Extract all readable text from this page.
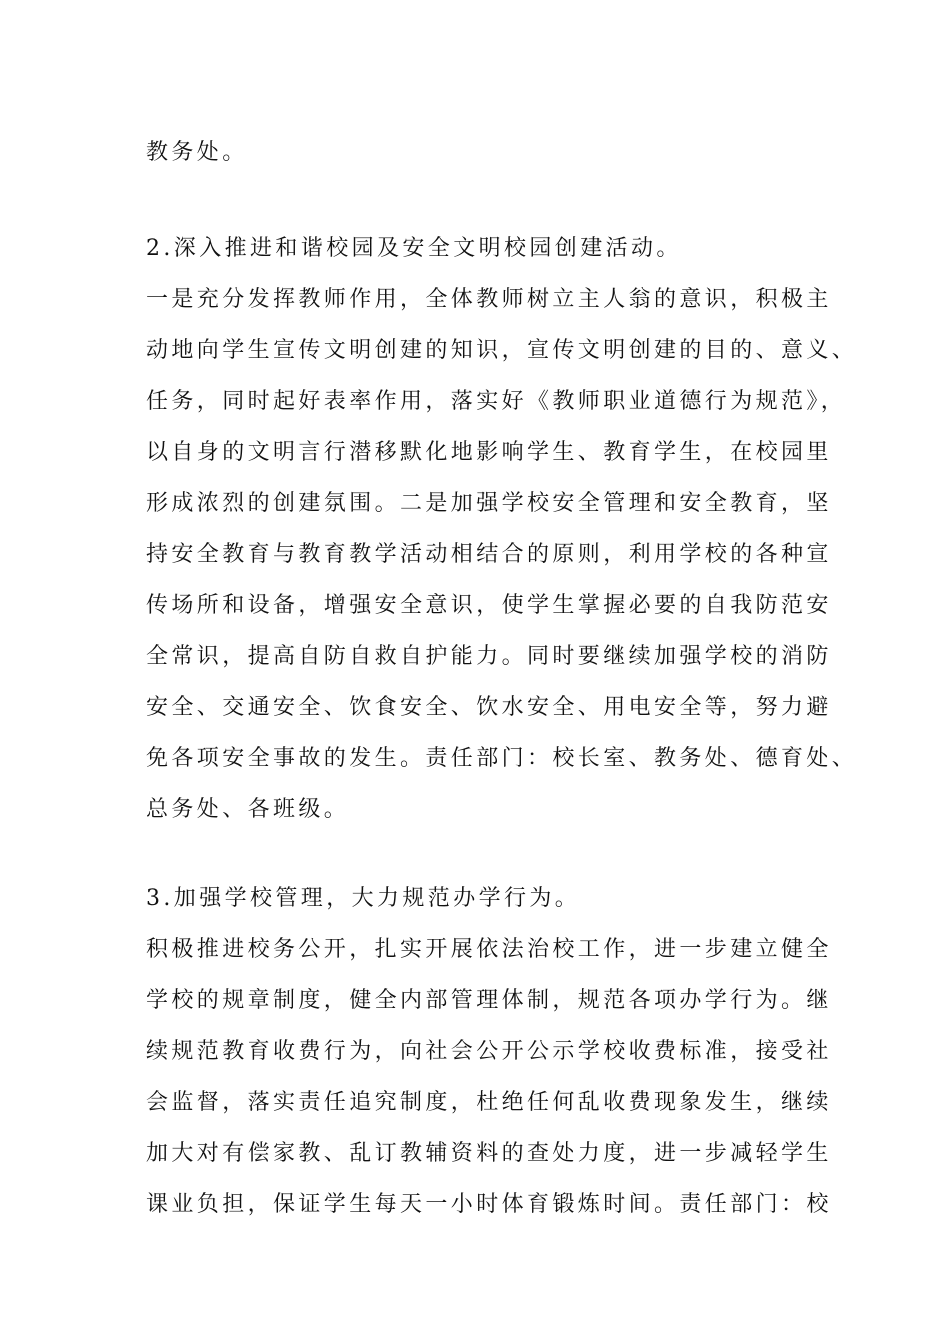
教务处。
2.深入推进和谐校园及安全文明校园创建活动。
一是充分发挥教师作用，全体教师树立主人翁的意识，积极主
动地向学生宣传文明创建的知识，宣传文明创建的目的、意义、
任务，同时起好表率作用，落实好《教师职业道德行为规范》，
以自身的文明言行潜移默化地影响学生、教育学生，在校园里
形成浓烈的创建氛围。二是加强学校安全管理和安全教育，坚
持安全教育与教育教学活动相结合的原则，利用学校的各种宣
传场所和设备，增强安全意识，使学生掌握必要的自我防范安
全常识，提高自防自救自护能力。同时要继续加强学校的消防
安全、交通安全、饮食安全、饮水安全、用电安全等，努力避
免各项安全事故的发生。责任部门：校长室、教务处、德育处、
总务处、各班级。
3.加强学校管理，大力规范办学行为。
积极推进校务公开，扎实开展依法治校工作，进一步建立健全
学校的规章制度，健全内部管理体制，规范各项办学行为。继
续规范教育收费行为，向社会公开公示学校收费标准，接受社
会监督，落实责任追究制度，杜绝任何乱收费现象发生，继续
加大对有偿家教、乱订教辅资料的查处力度，进一步减轻学生
课业负担，保证学生每天一小时体育锻炼时间。责任部门：校
